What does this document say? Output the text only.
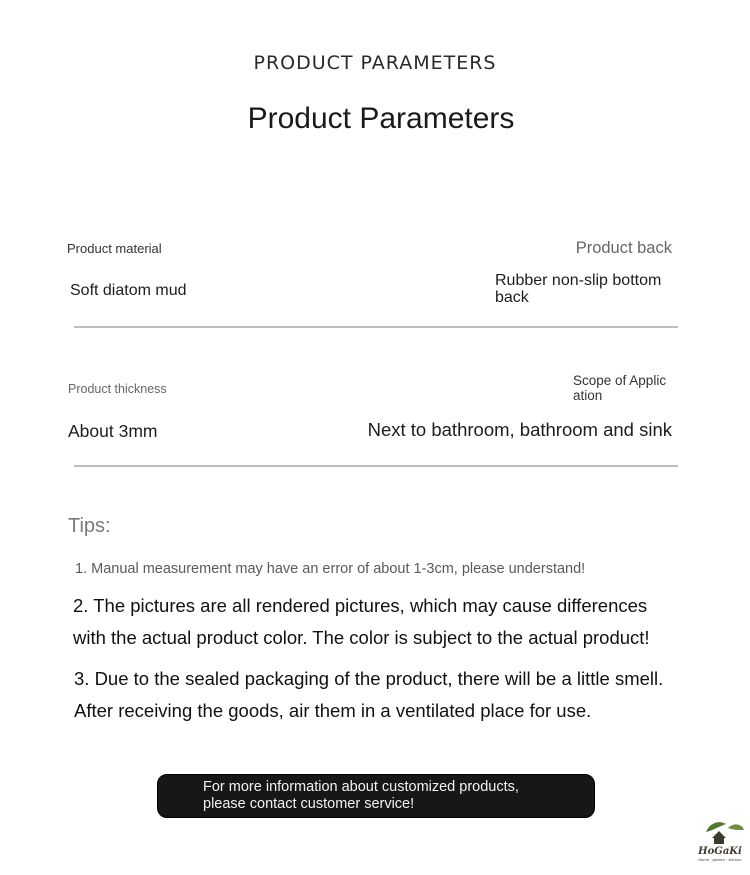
PRODUCT PARAMETERS
Product Parameters
Product material
Soft diatom mud
Product back
Rubber non-slip bottom back
Product thickness
About 3mm
Scope of Application
Next to bathroom, bathroom and sink
Tips:
1. Manual measurement may have an error of about 1-3cm, please understand!
2. The pictures are all rendered pictures, which may cause differences with the actual product color. The color is subject to the actual product!
3. Due to the sealed packaging of the product, there will be a little smell. After receiving the goods, air them in a ventilated place for use.
For more information about customized products,
please contact customer service!
HoGaKi
Home · garden · kitchen
